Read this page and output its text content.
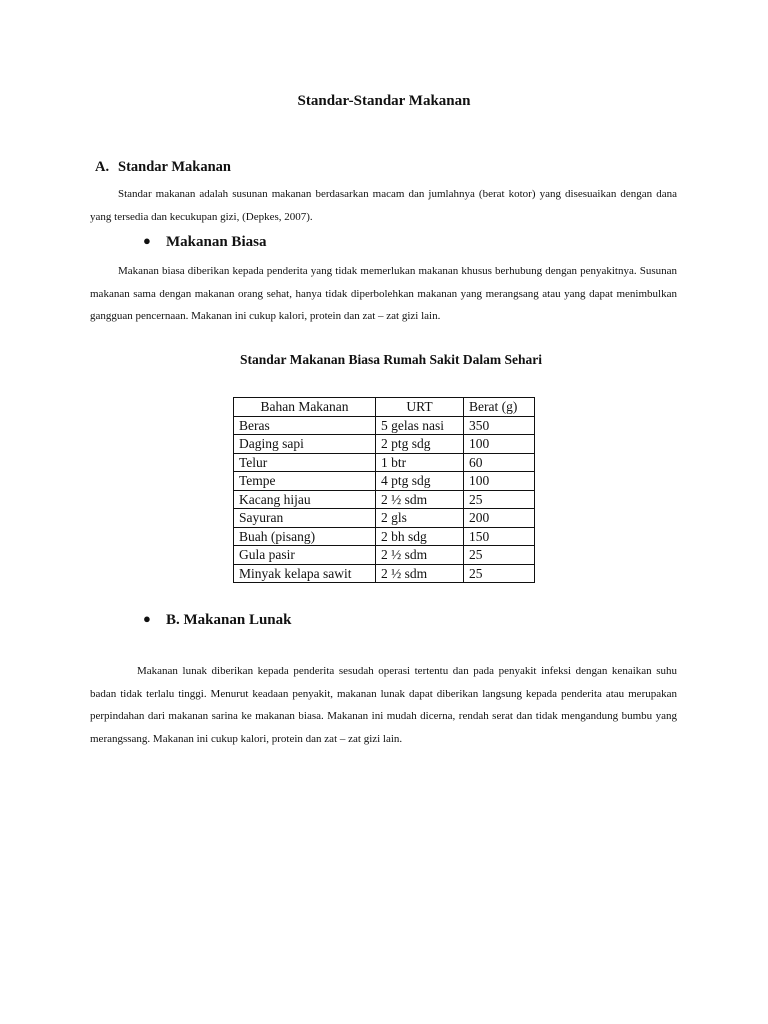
Standar-Standar Makanan
A. Standar Makanan

Standar makanan adalah susunan makanan berdasarkan macam dan jumlahnya (berat kotor) yang disesuaikan dengan dana yang tersedia dan kecukupan gizi, (Depkes, 2007).

● Makanan Biasa

Makanan biasa diberikan kepada penderita yang tidak memerlukan makanan khusus berhubung dengan penyakitnya. Susunan makanan sama dengan makanan orang sehat, hanya tidak diperbolehkan makanan yang merangsang atau yang dapat menimbulkan gangguan pencernaan. Makanan ini cukup kalori, protein dan zat – zat gizi lain.

Standar Makanan Biasa Rumah Sakit Dalam Sehari
Bahan Makanan	URT	Berat (g)
Beras	5 gelas nasi	350
Daging sapi	2 ptg sdg	100
Telur	1 btr	60
Tempe	4 ptg sdg	100
Kacang hijau	2 ½ sdm	25
Sayuran	2 gls	200
Buah (pisang)	2 bh sdg	150
Gula pasir	2 ½ sdm	25
Minyak kelapa sawit	2 ½ sdm	25
● B. Makanan Lunak

Makanan lunak diberikan kepada penderita sesudah operasi tertentu dan pada penyakit infeksi dengan kenaikan suhu badan tidak terlalu tinggi. Menurut keadaan penyakit, makanan lunak dapat diberikan langsung kepada penderita atau merupakan perpindahan dari makanan sarina ke makanan biasa. Makanan ini mudah dicerna, rendah serat dan tidak mengandung bumbu yang merangssang. Makanan ini cukup kalori, protein dan zat – zat gizi lain.
